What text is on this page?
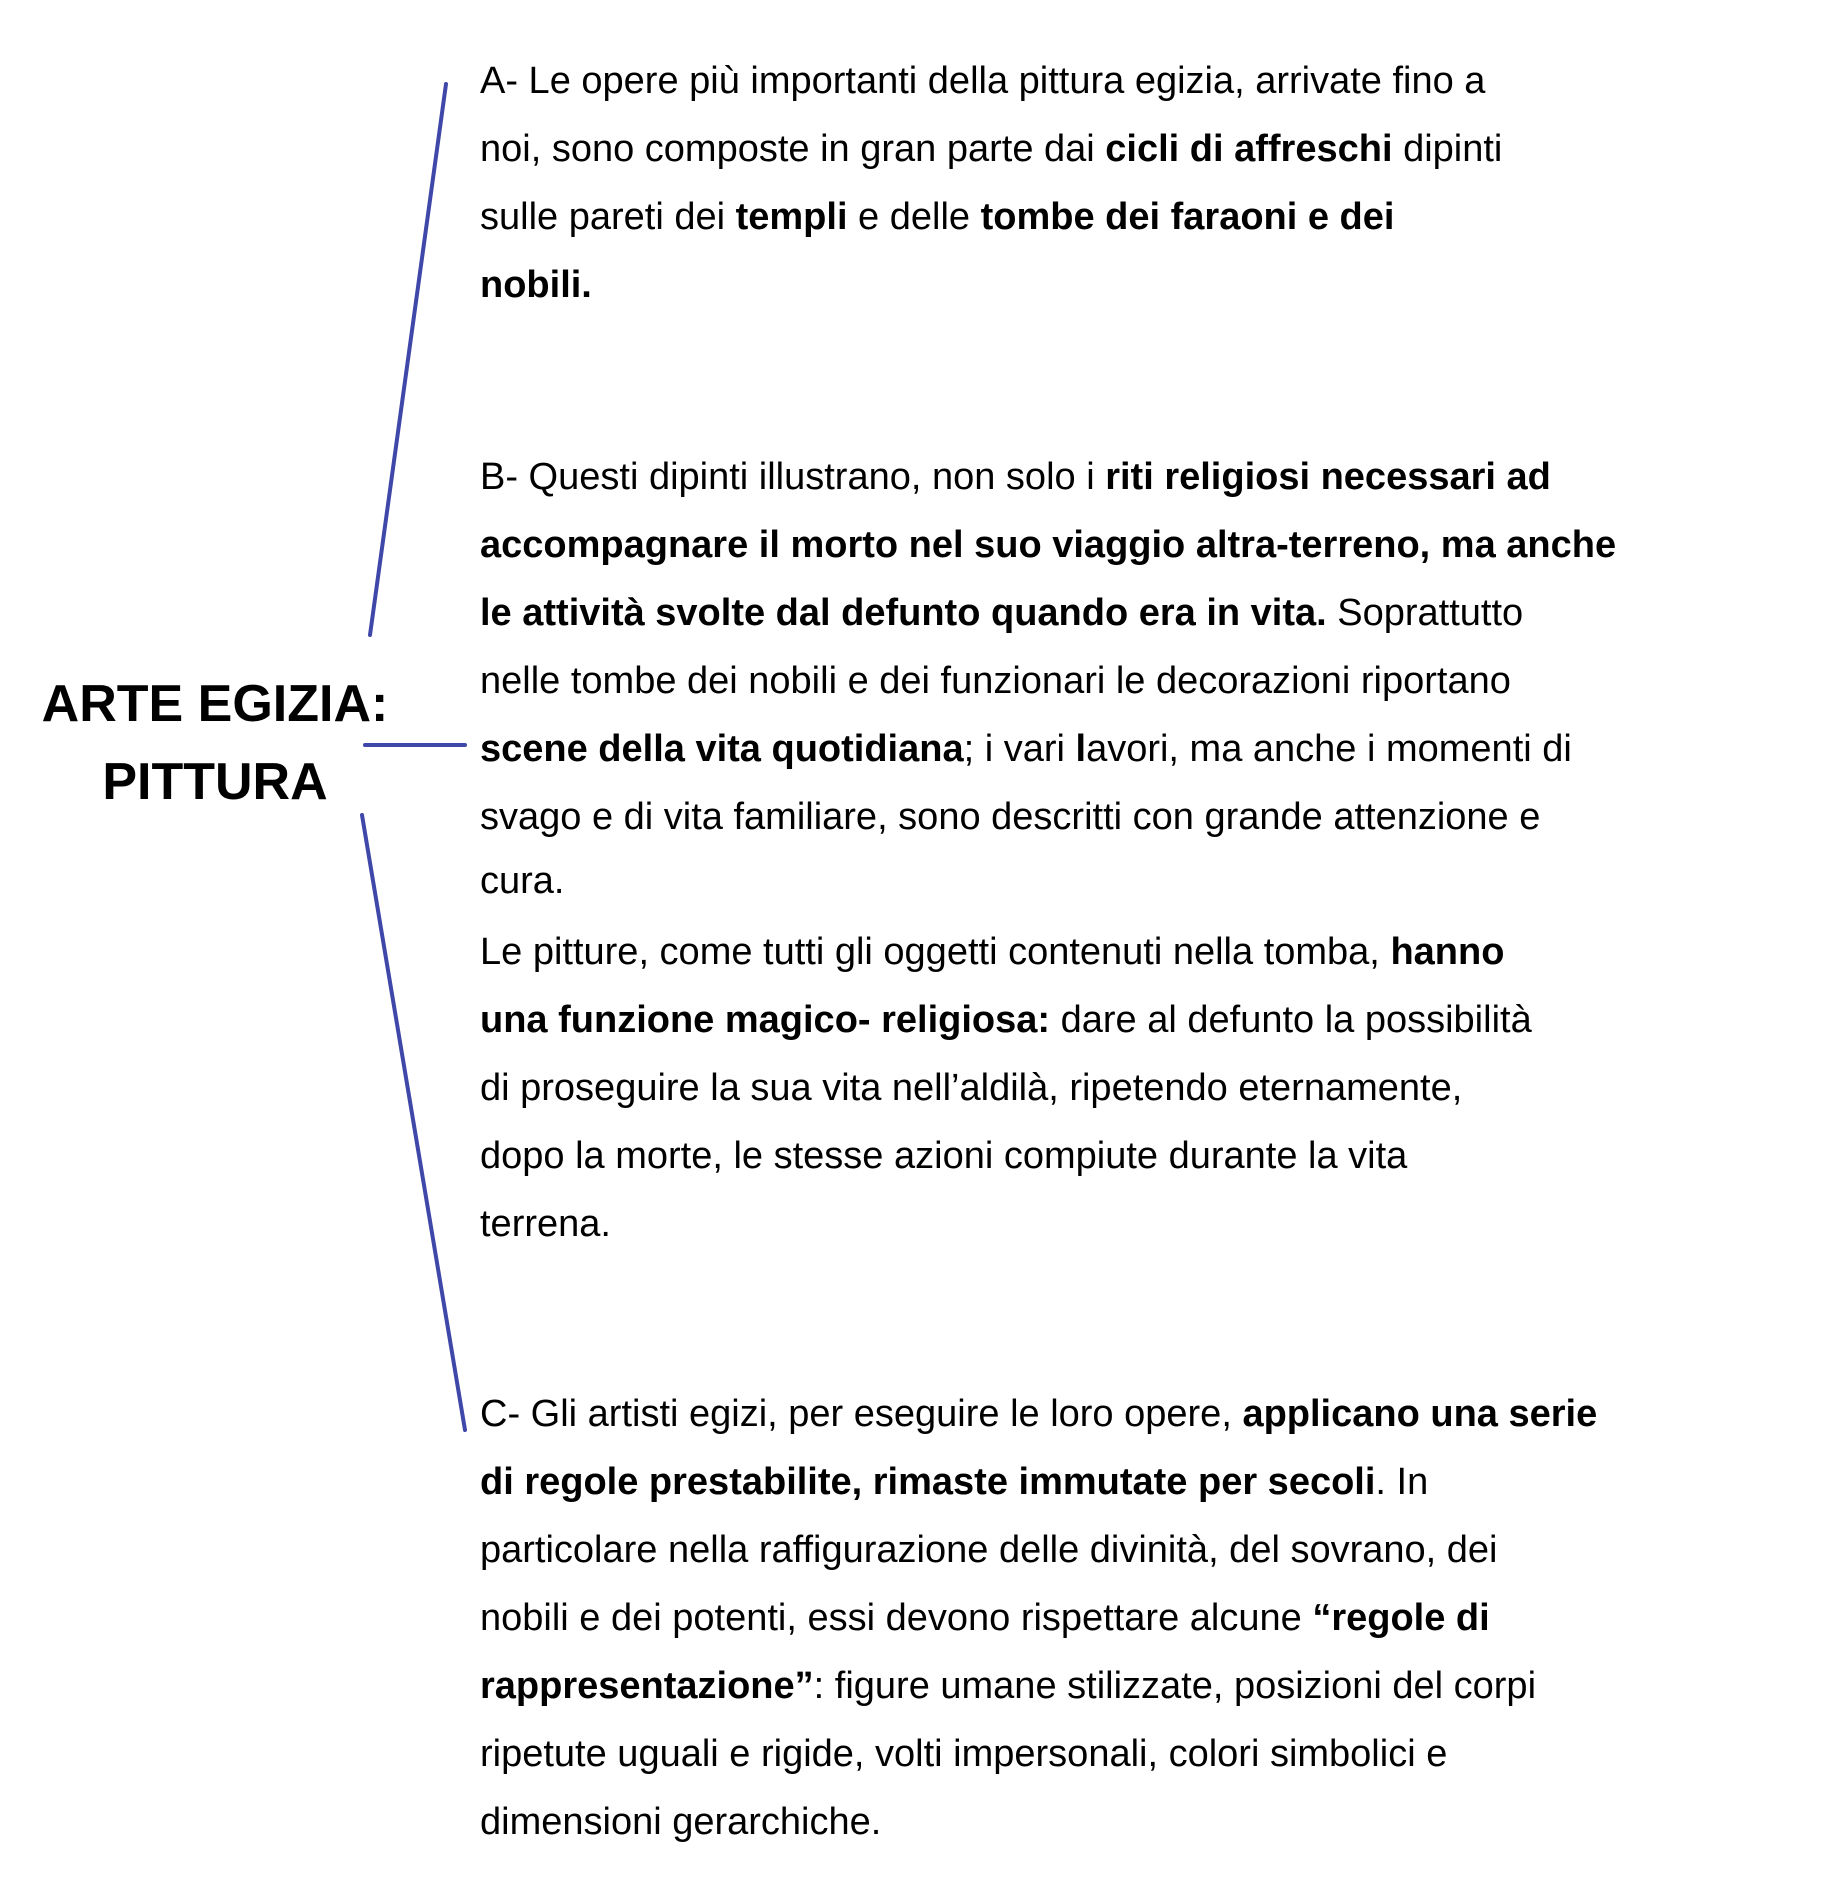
ARTE EGIZIA:
PITTURA
A- Le opere più importanti della pittura egizia, arrivate fino a
noi, sono composte in gran parte dai cicli di affreschi dipinti
sulle pareti dei templi e delle tombe dei faraoni e dei
nobili.
B- Questi dipinti illustrano, non solo i riti religiosi necessari ad
accompagnare il morto nel suo viaggio altra-terreno, ma anche
le attività svolte dal defunto quando era in vita. Soprattutto
nelle tombe dei nobili e dei funzionari le decorazioni riportano
scene della vita quotidiana; i vari lavori, ma anche i momenti di
svago e di vita familiare, sono descritti con grande attenzione e
cura.
Le pitture, come tutti gli oggetti contenuti nella tomba, hanno
una funzione magico- religiosa: dare al defunto la possibilità
di proseguire la sua vita nell’aldilà, ripetendo eternamente,
dopo la morte, le stesse azioni compiute durante la vita
terrena.
C- Gli artisti egizi, per eseguire le loro opere, applicano una serie
di regole prestabilite, rimaste immutate per secoli. In
particolare nella raffigurazione delle divinità, del sovrano, dei
nobili e dei potenti, essi devono rispettare alcune “regole di
rappresentazione”: figure umane stilizzate, posizioni del corpi
ripetute uguali e rigide, volti impersonali, colori simbolici e
dimensioni gerarchiche.
